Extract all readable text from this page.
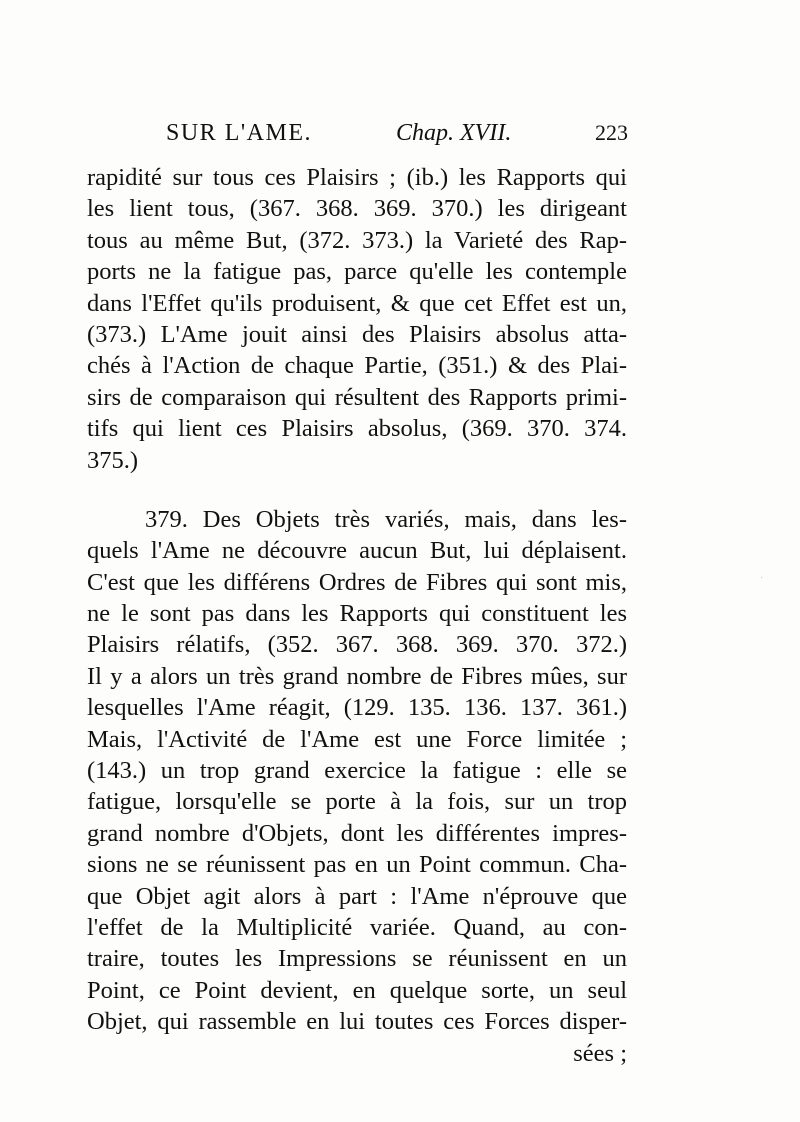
SUR L'AME.	Chap. XVII.	223
rapidité sur tous ces Plaisirs ; (ib.) les Rapports qui
les lient tous, (367. 368. 369. 370.) les dirigeant
tous au même But, (372. 373.) la Varieté des Rap-
ports ne la fatigue pas, parce qu'elle les contemple
dans l'Effet qu'ils produisent, & que cet Effet est un,
(373.) L'Ame jouit ainsi des Plaisirs absolus atta-
chés à l'Action de chaque Partie, (351.) & des Plai-
sirs de comparaison qui résultent des Rapports primi-
tifs qui lient ces Plaisirs absolus, (369. 370. 374.
375.)
379. Des Objets très variés, mais, dans les-
quels l'Ame ne découvre aucun But, lui déplaisent.
C'est que les différens Ordres de Fibres qui sont mis,
ne le sont pas dans les Rapports qui constituent les
Plaisirs rélatifs, (352. 367. 368. 369. 370. 372.)
Il y a alors un très grand nombre de Fibres mûes, sur
lesquelles l'Ame réagit, (129. 135. 136. 137. 361.)
Mais, l'Activité de l'Ame est une Force limitée ;
(143.) un trop grand exercice la fatigue : elle se
fatigue, lorsqu'elle se porte à la fois, sur un trop
grand nombre d'Objets, dont les différentes impres-
sions ne se réunissent pas en un Point commun. Cha-
que Objet agit alors à part : l'Ame n'éprouve que
l'effet de la Multiplicité variée. Quand, au con-
traire, toutes les Impressions se réunissent en un
Point, ce Point devient, en quelque sorte, un seul
Objet, qui rassemble en lui toutes ces Forces disper-
sées ;
·
